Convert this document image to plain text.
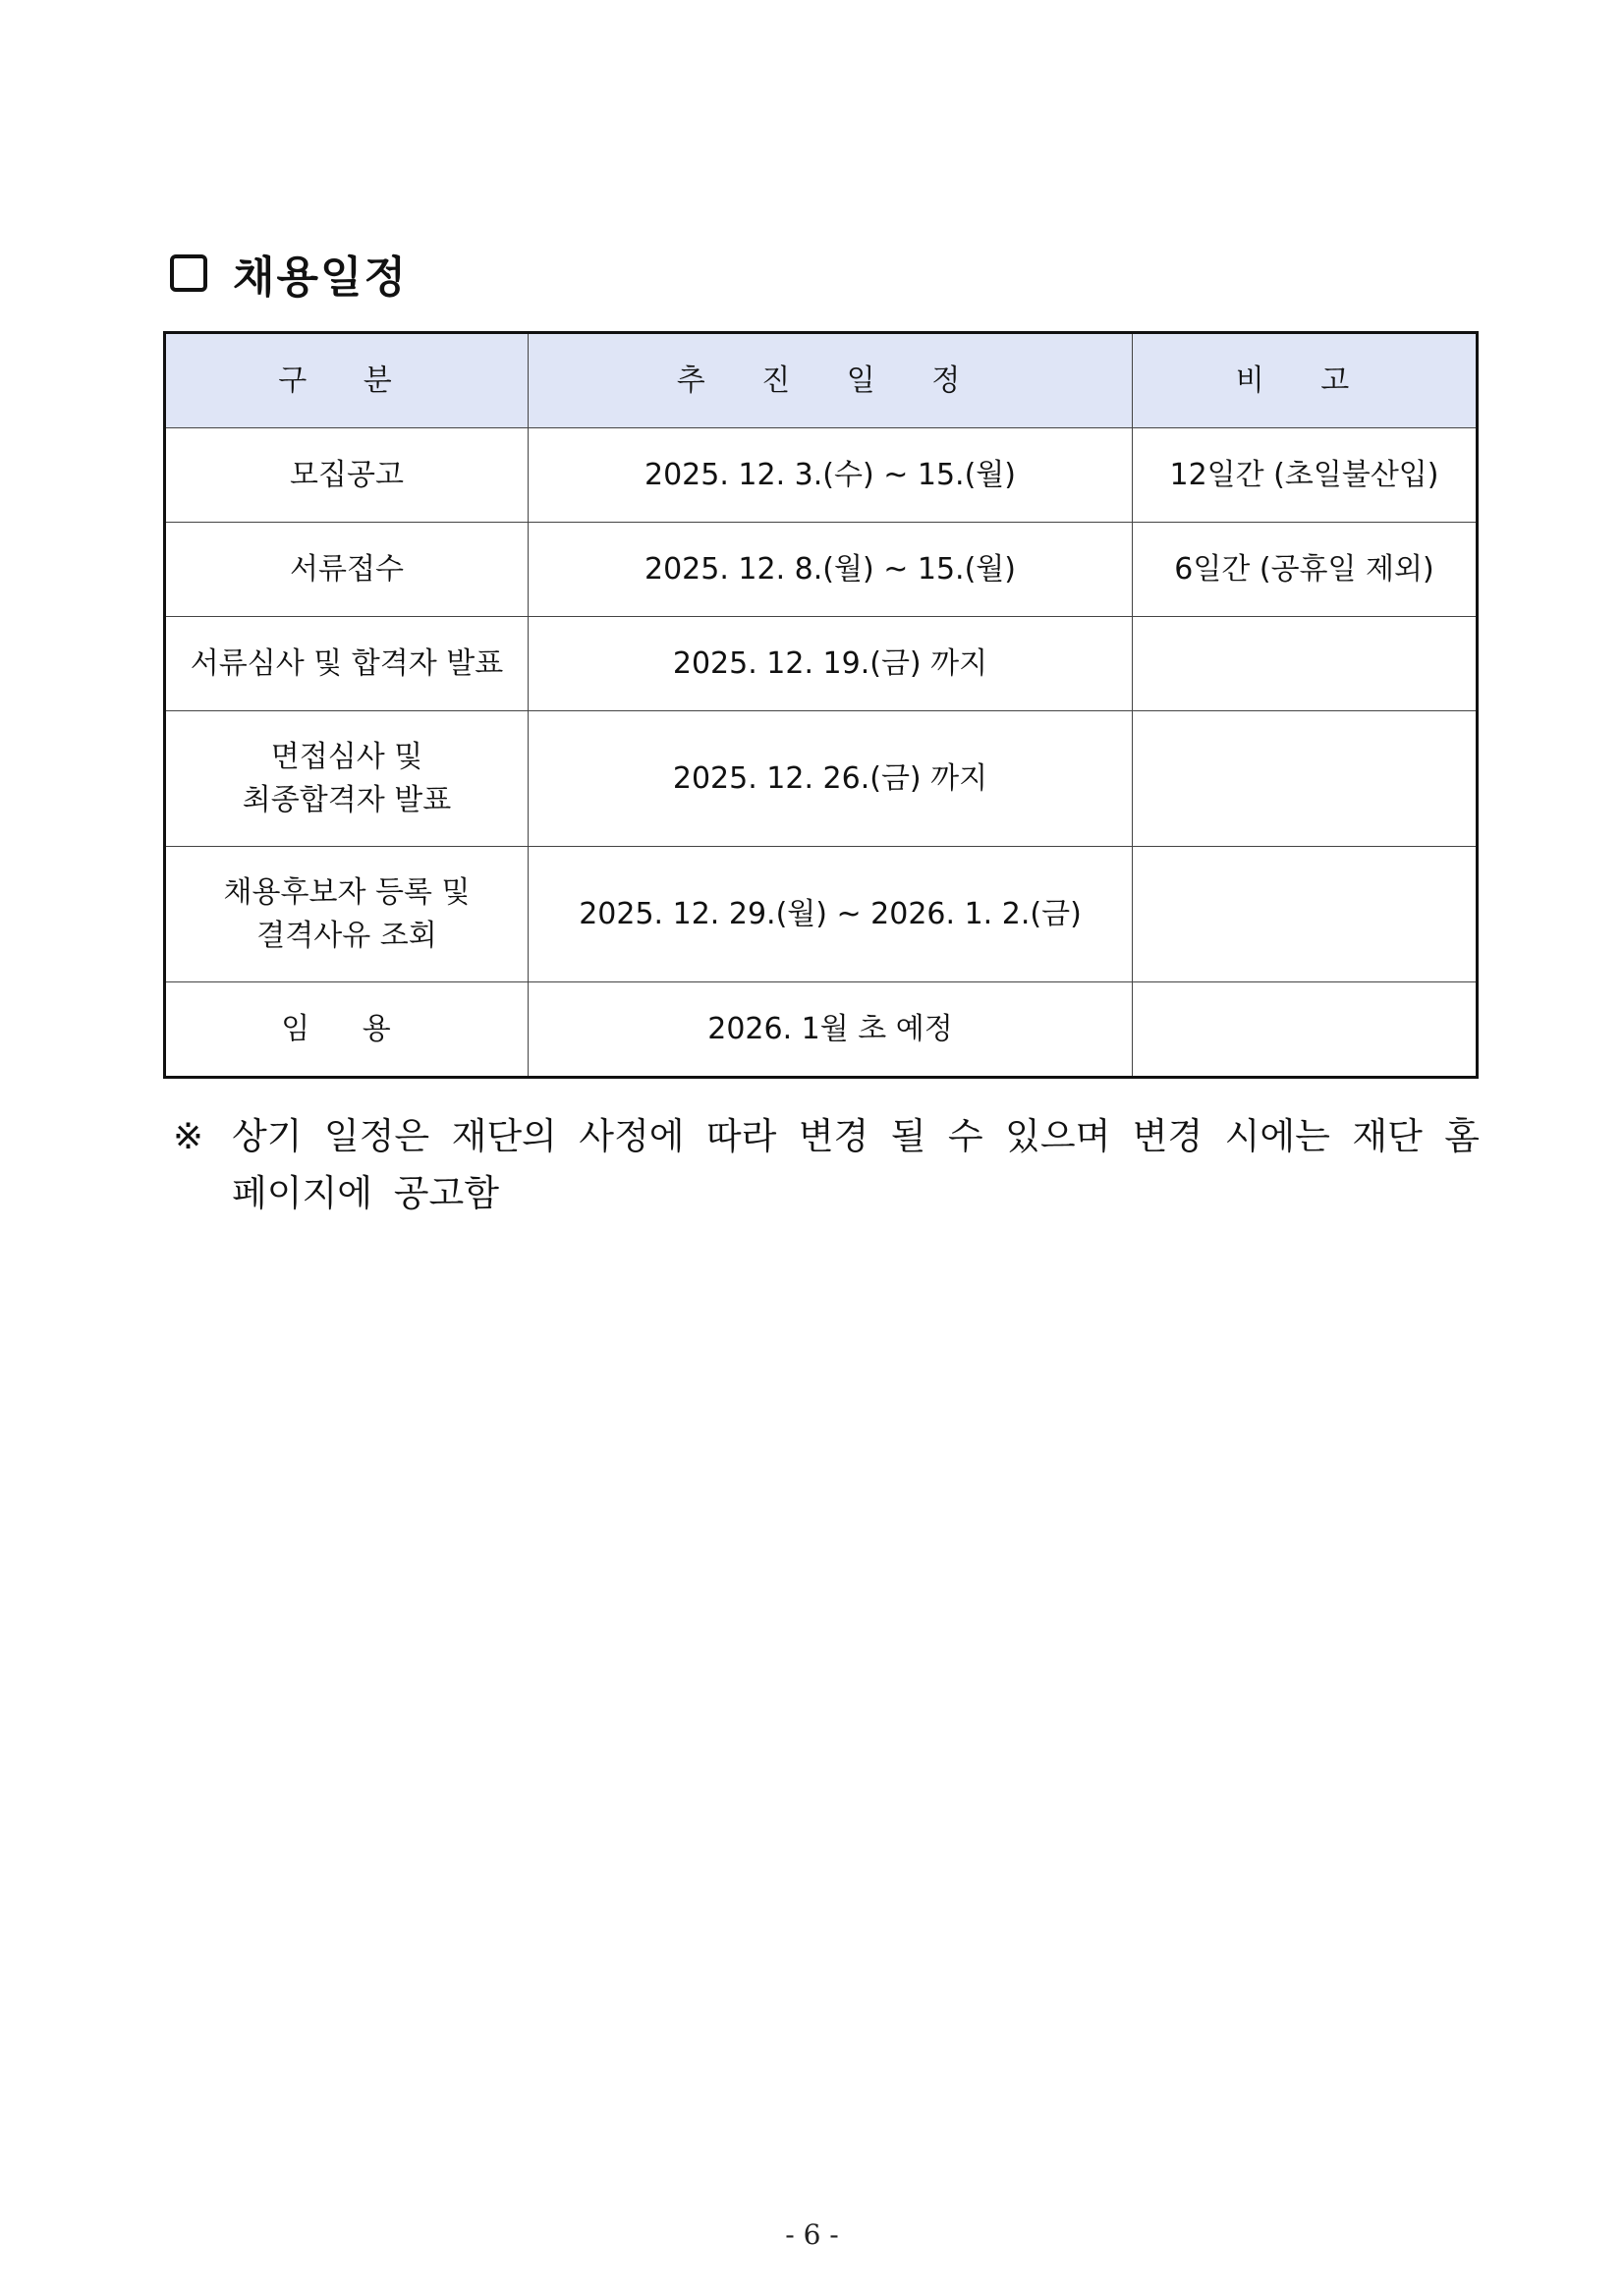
채용일정
구 분	추 진 일 정	비 고

모집공고	2025. 12. 3.(수) ~ 15.(월)	12일간 (초일불산입)

서류접수	2025. 12. 8.(월) ~ 15.(월)	6일간 (공휴일 제외)

서류심사 및 합격자 발표	2025. 12. 19.(금) 까지	

면접심사 및
최종합격자 발표	2025. 12. 26.(금) 까지	

채용후보자 등록 및
결격사유 조회	2025. 12. 29.(월) ~ 2026. 1. 2.(금)	

임 용	2026. 1월 초 예정	
※ 상기 일정은 재단의 사정에 따라 변경 될 수 있으며 변경 시에는 재단 홈페이지에 공고함
- 6 -
